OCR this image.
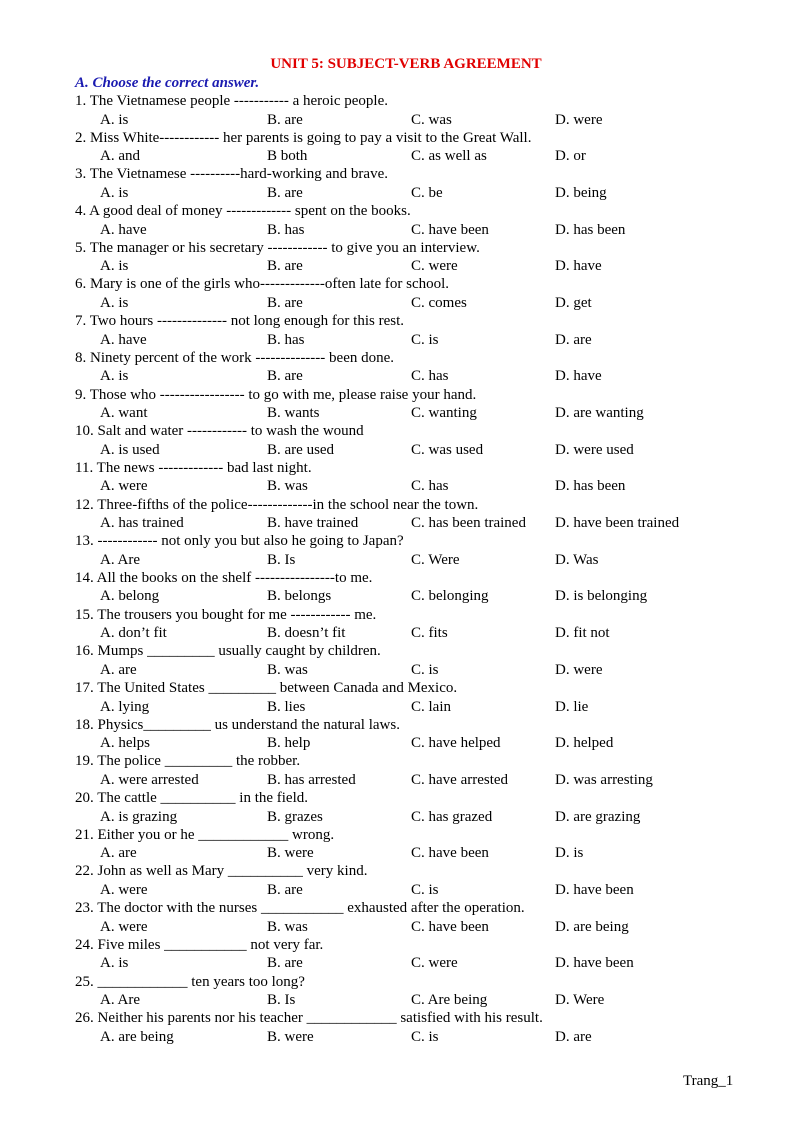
UNIT 5: SUBJECT-VERB AGREEMENT
A. Choose the correct answer.
1. The Vietnamese people ----------- a heroic people.
A. is	B. are	C. was	D. were
2. Miss White------------ her parents is going to pay a visit to the Great Wall.
A. and	B both	C. as well as	D. or
3. The Vietnamese ----------hard-working and brave.
A. is	B. are	C. be	D. being
4. A good deal of money ------------- spent on the books.
A. have	B. has	C. have been	D. has been
5. The manager or his secretary ------------ to give you an interview.
A. is	B. are	C. were	D. have
6. Mary is one of the girls who-------------often late for school.
A. is	B. are	C. comes	D. get
7. Two hours -------------- not long enough for this rest.
A. have	B. has	C. is	D. are
8. Ninety percent of the work -------------- been done.
A. is	B. are	C. has	D. have
9. Those who ----------------- to go with me, please raise your hand.
A. want	B. wants	C. wanting	D. are wanting
10. Salt and water ------------ to wash the wound
A. is used	B. are used	C. was used	D. were used
11. The news ------------- bad last night.
A. were	B. was	C. has	D. has been
12. Three-fifths of the police-------------in the school near the town.
A. has trained	B. have trained	C. has been trained D. have been trained
13. ------------ not only you but also he going to Japan?
A. Are	B. Is	C. Were	D. Was
14. All the books on the shelf ----------------to me.
A. belong	B. belongs	C. belonging	D. is belonging
15. The trousers you bought for me ------------ me.
A. don’t fit	B. doesn’t fit	C. fits	D. fit not
16. Mumps _________ usually caught by children.
A. are	B. was	C. is	D. were
17. The United States _________ between Canada and Mexico.
A. lying	B. lies	C. lain	D. lie
18. Physics_________ us understand the natural laws.
A. helps	B. help	C. have helped	D. helped
19. The police _________ the robber.
A. were arrested	B. has arrested	C. have arrested	D. was arresting
20. The cattle __________ in the field.
A. is grazing	B. grazes	C. has grazed	D. are grazing
21. Either you or he ____________ wrong.
A. are	B. were	C. have been	D. is
22. John as well as Mary __________ very kind.
A. were	B. are	C. is	D. have been
23. The doctor with the nurses ___________ exhausted after the operation.
A. were	B. was	C. have been	D. are being
24. Five miles ___________ not very far.
A. is	B. are	C. were	D. have been
25. ____________ ten years too long?
A. Are	B. Is	C. Are being	D. Were
26. Neither his parents nor his teacher ____________ satisfied with his result.
A. are being	B. were	C. is	D. are
Trang_1
